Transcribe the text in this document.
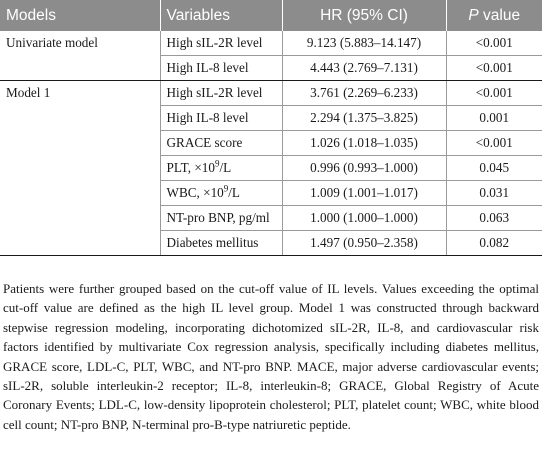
Models	Variables	HR (95% CI)	P value
Univariate model	High sIL-2R level	9.123 (5.883–14.147)	<0.001
	High IL-8 level	4.443 (2.769–7.131)	<0.001
Model 1	High sIL-2R level	3.761 (2.269–6.233)	<0.001
	High IL-8 level	2.294 (1.375–3.825)	0.001
	GRACE score	1.026 (1.018–1.035)	<0.001
	PLT, $\times 10^9/L$	0.996 (0.993–1.000)	0.045
	WBC, $\times 10^9/L$	1.009 (1.001–1.017)	0.031
	NT-pro BNP, pg/ml	1.000 (1.000–1.000)	0.063
	Diabetes mellitus	1.497 (0.950–2.358)	0.082

Patients were further grouped based on the cut-off value of IL levels. Values exceeding the optimal cut-off value are defined as the high IL level group. Model 1 was constructed through backward stepwise regression modeling, incorporating dichotomized sIL-2R, IL-8, and cardiovascular risk factors identified by multivariate Cox regression analysis, specifically including diabetes mellitus, GRACE score, LDL-C, PLT, WBC, and NT-pro BNP. MACE, major adverse cardiovascular events; sIL-2R, soluble interleukin-2 receptor; IL-8, interleukin-8; GRACE, Global Registry of Acute Coronary Events; LDL-C, low-density lipoprotein cholesterol; PLT, platelet count; WBC, white blood cell count; NT-pro BNP, N-terminal pro-B-type natriuretic peptide.
